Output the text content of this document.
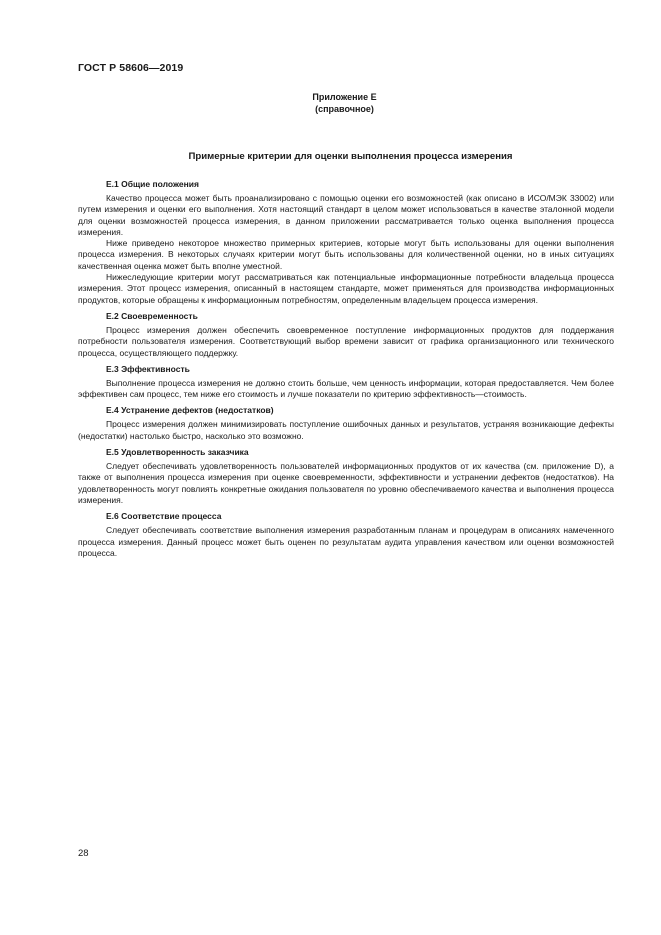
ГОСТ Р 58606—2019
Приложение Е
(справочное)
Примерные критерии для оценки выполнения процесса измерения
Е.1 Общие положения

Качество процесса может быть проанализировано с помощью оценки его возможностей (как описано в ИСО/МЭК 33002) или путем измерения и оценки его выполнения. Хотя настоящий стандарт в целом может использоваться в качестве эталонной модели для оценки возможностей процесса измерения, в данном приложении рассматривается только оценка выполнения процесса измерения.

Ниже приведено некоторое множество примерных критериев, которые могут быть использованы для оценки выполнения процесса измерения. В некоторых случаях критерии могут быть использованы для количественной оценки, но в иных ситуациях качественная оценка может быть вполне уместной.

Нижеследующие критерии могут рассматриваться как потенциальные информационные потребности владельца процесса измерения. Этот процесс измерения, описанный в настоящем стандарте, может применяться для производства информационных продуктов, которые обращены к информационным потребностям, определенным владельцем процесса измерения.

Е.2 Своевременность

Процесс измерения должен обеспечить своевременное поступление информационных продуктов для поддержания потребности пользователя измерения. Соответствующий выбор времени зависит от графика организационного или технического процесса, осуществляющего поддержку.

Е.3 Эффективность

Выполнение процесса измерения не должно стоить больше, чем ценность информации, которая предоставляется. Чем более эффективен сам процесс, тем ниже его стоимость и лучше показатели по критерию эффективность—стоимость.

Е.4 Устранение дефектов (недостатков)

Процесс измерения должен минимизировать поступление ошибочных данных и результатов, устраняя возникающие дефекты (недостатки) настолько быстро, насколько это возможно.

Е.5 Удовлетворенность заказчика

Следует обеспечивать удовлетворенность пользователей информационных продуктов от их качества (см. приложение D), а также от выполнения процесса измерения при оценке своевременности, эффективности и устранении дефектов (недостатков). На удовлетворенность могут повлиять конкретные ожидания пользователя по уровню обеспечиваемого качества и выполнения процесса измерения.

Е.6 Соответствие процесса

Следует обеспечивать соответствие выполнения измерения разработанным планам и процедурам в описаниях намеченного процесса измерения. Данный процесс может быть оценен по результатам аудита управления качеством или оценки возможностей процесса.

28
